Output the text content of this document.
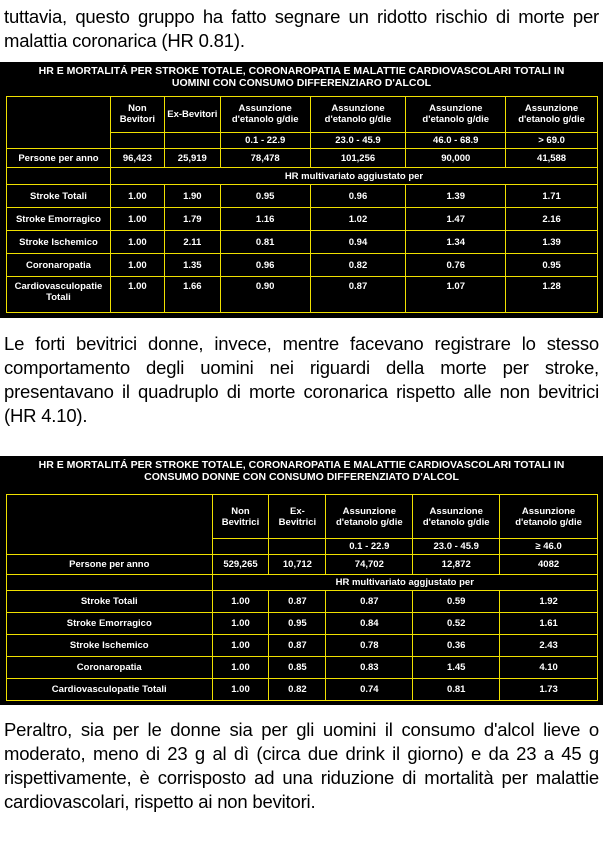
tuttavia, questo gruppo ha fatto segnare un ridotto rischio di morte per malattia coronarica (HR 0.81).

HR E MORTALITÁ PER STROKE TOTALE, CORONAROPATIA E MALATTIE CARDIOVASCOLARI TOTALI IN
UOMINI CON CONSUMO DIFFERENZIARO D'ALCOL
	Non Bevitori	Ex-Bevitori	Assunzione d'etanolo g/die	Assunzione d'etanolo g/die	Assunzione d'etanolo g/die	Assunzione d'etanolo g/die
			0.1 - 22.9	23.0 - 45.9	46.0 - 68.9	> 69.0
Persone per anno	96,423	25,919	78,478	101,256	90,000	41,588
	HR multivariato aggiustato per					
Stroke Totali	1.00	1.90	0.95	0.96	1.39	1.71
Stroke Emorragico	1.00	1.79	1.16	1.02	1.47	2.16
Stroke Ischemico	1.00	2.11	0.81	0.94	1.34	1.39
Coronaropatia	1.00	1.35	0.96	0.82	0.76	0.95
Cardiovasculopatie Totali	1.00	1.66	0.90	0.87	1.07	1.28

Le forti bevitrici donne, invece, mentre facevano registrare lo stesso comportamento degli uomini nei riguardi della morte per stroke, presentavano il quadruplo di morte coronarica rispetto alle non bevitrici (HR 4.10).

HR E MORTALITÁ PER STROKE TOTALE, CORONAROPATIA E MALATTIE CARDIOVASCOLARI TOTALI IN
CONSUMO DONNE CON CONSUMO DIFFERENZIATO D'ALCOL
	Non Bevitrici	Ex-Bevitrici	Assunzione d'etanolo g/die	Assunzione d'etanolo g/die	Assunzione d'etanolo g/die
			0.1 - 22.9	23.0 - 45.9	≥ 46.0
Persone per anno	529,265	10,712	74,702	12,872	4082
	HR multivariato aggjustato per				
Stroke Totali	1.00	0.87	0.87	0.59	1.92
Stroke Emorragico	1.00	0.95	0.84	0.52	1.61
Stroke Ischemico	1.00	0.87	0.78	0.36	2.43
Coronaropatia	1.00	0.85	0.83	1.45	4.10
Cardiovasculopatie Totali	1.00	0.82	0.74	0.81	1.73

Peraltro, sia per le donne sia per gli uomini il consumo d'alcol lieve o moderato, meno di 23 g al dì (circa due drink il giorno) e da 23 a 45 g rispettivamente, è corrisposto ad una riduzione di mortalità per malattie cardiovascolari, rispetto ai non bevitori.
